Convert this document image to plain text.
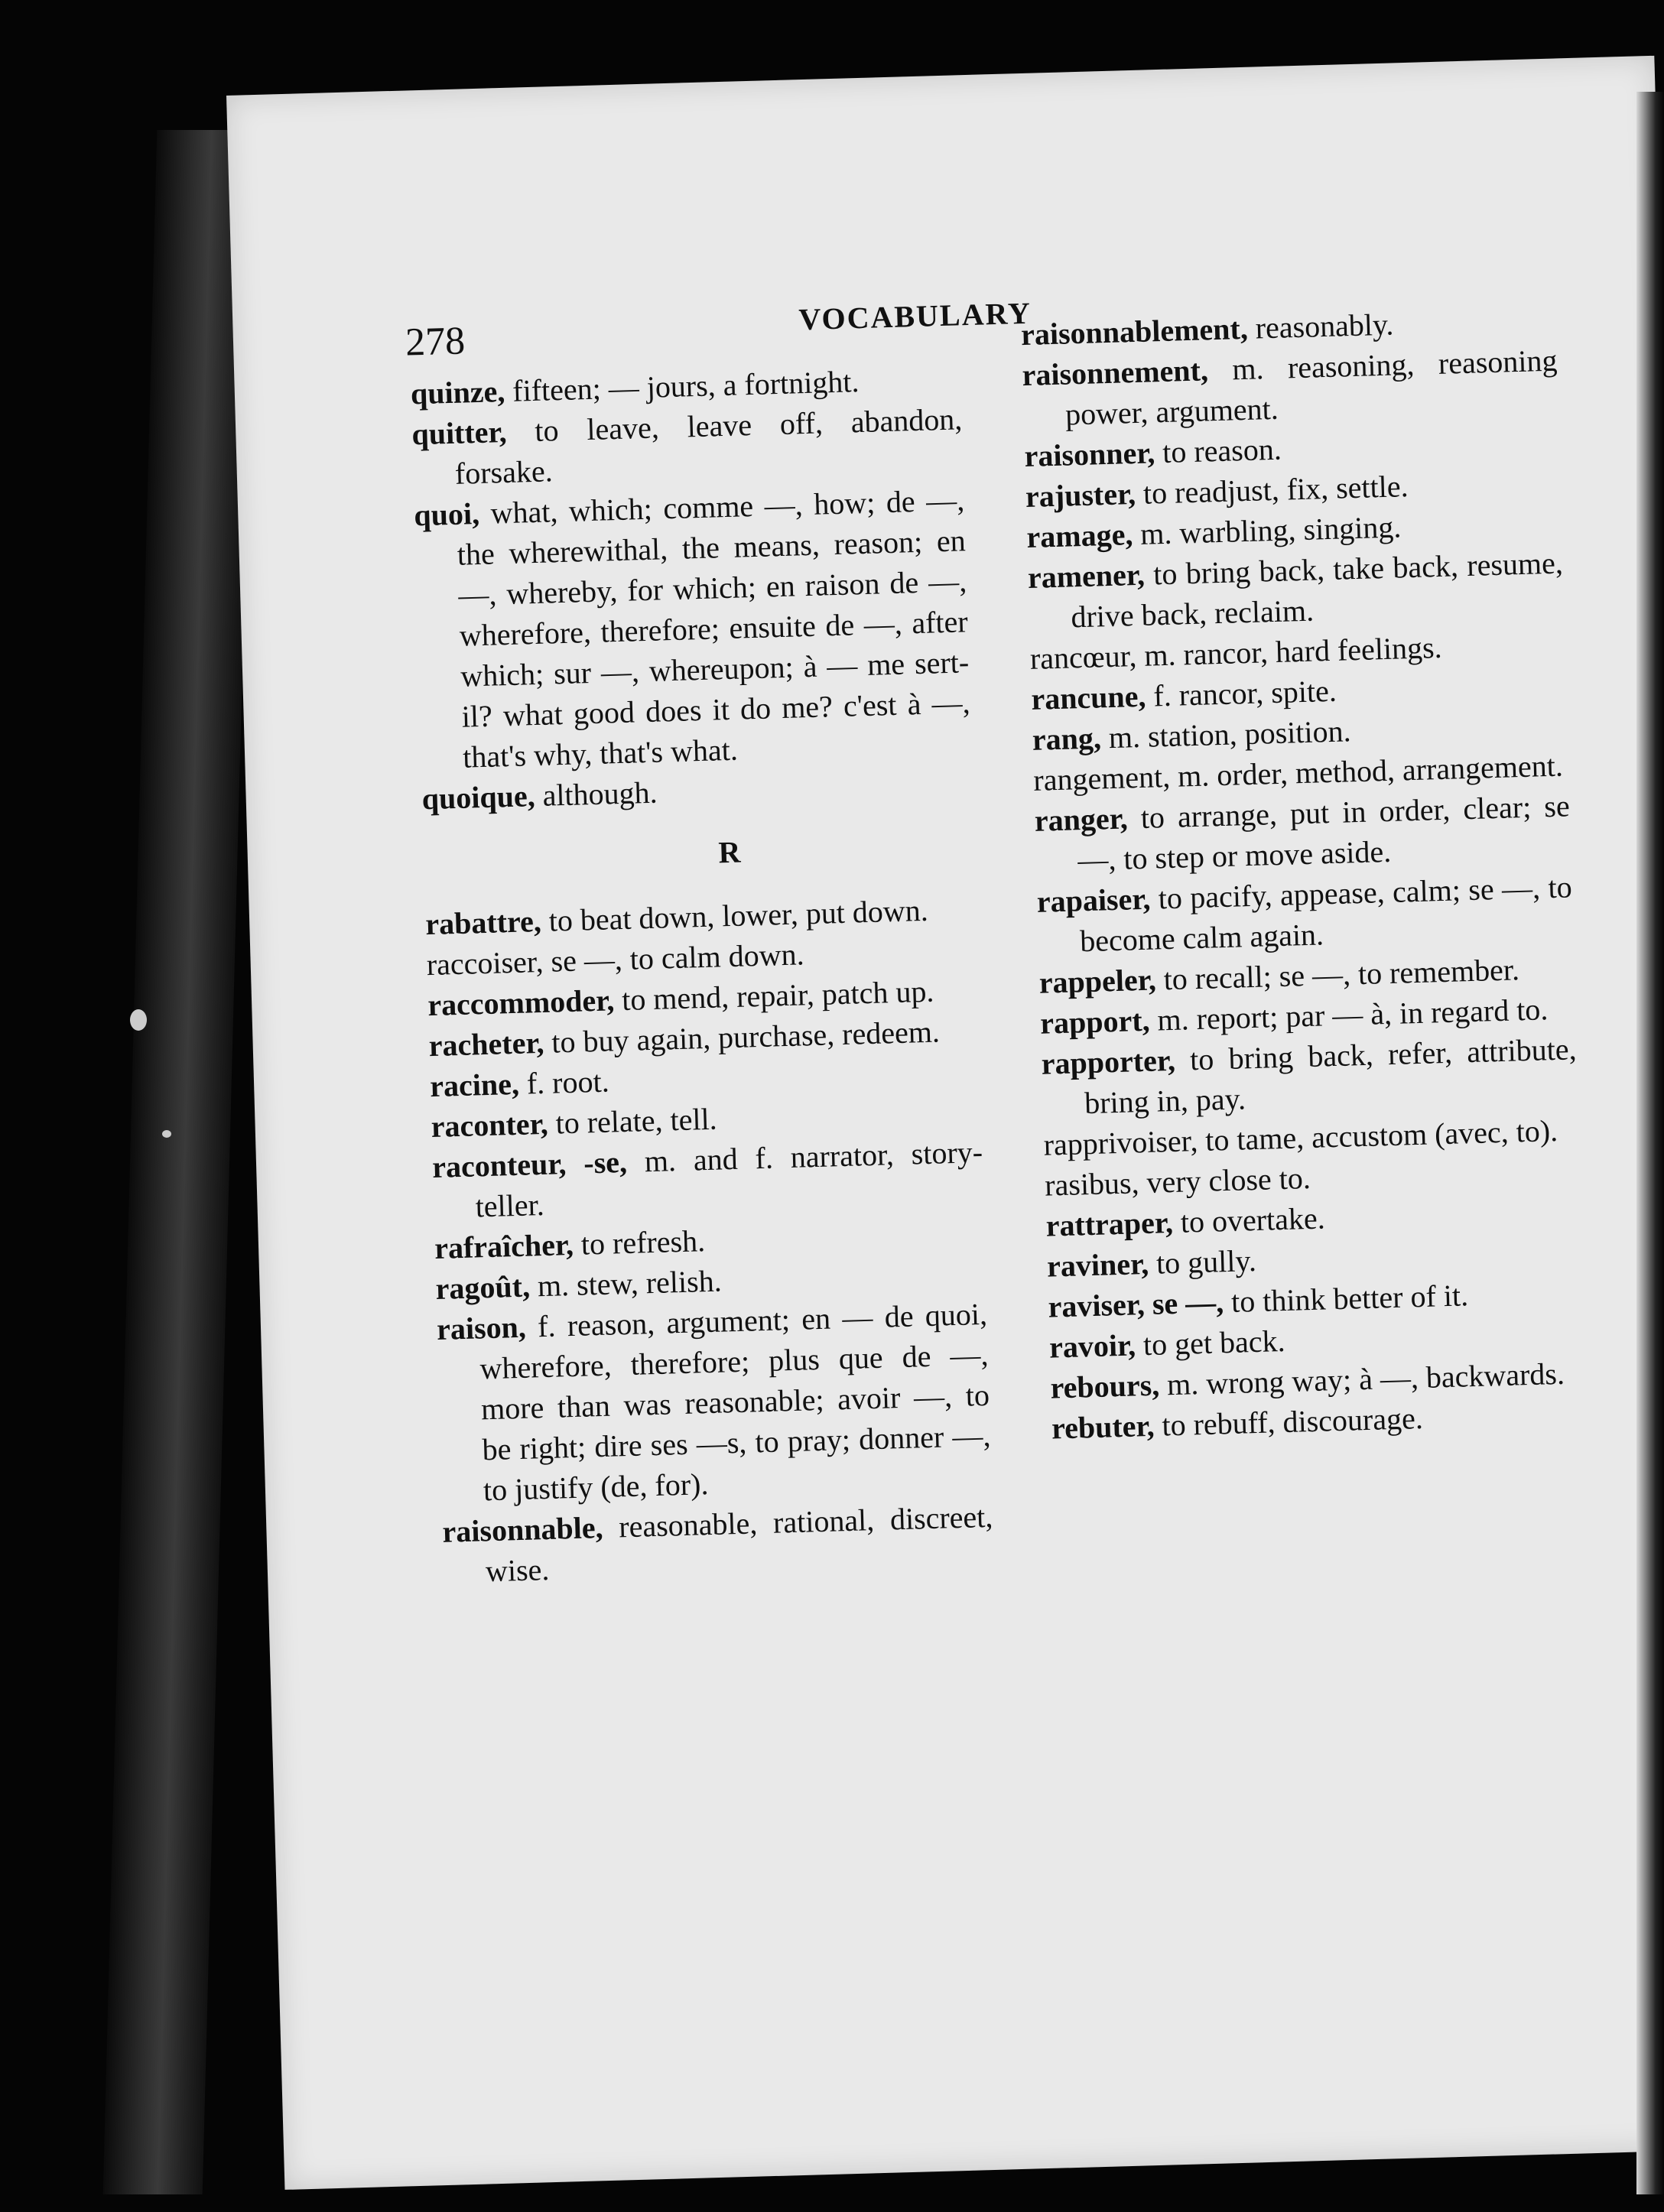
278
VOCABULARY

quinze, fifteen; — jours, a fortnight.

quitter, to leave, leave off, abandon, forsake.

quoi, what, which; comme —, how; de —, the wherewithal, the means, reason; en —, whereby, for which; en raison de —, wherefore, therefore; ensuite de —, after which; sur —, whereupon; à — me sert-il? what good does it do me? c'est à —, that's why, that's what.

quoique, although.

R

rabattre, to beat down, lower, put down.

raccoiser, se —, to calm down.

raccommoder, to mend, repair, patch up.

racheter, to buy again, purchase, redeem.

racine, f. root.

raconter, to relate, tell.

raconteur, -se, m. and f. narrator, story-teller.

rafraîcher, to refresh.

ragoût, m. stew, relish.

raison, f. reason, argument; en — de quoi, wherefore, therefore; plus que de —, more than was reasonable; avoir —, to be right; dire ses —s, to pray; donner —, to justify (de, for).

raisonnable, reasonable, rational, discreet, wise.

raisonnablement, reasonably.

raisonnement, m. reasoning, reasoning power, argument.

raisonner, to reason.

rajuster, to readjust, fix, settle.

ramage, m. warbling, singing.

ramener, to bring back, take back, resume, drive back, reclaim.

rancœur, m. rancor, hard feelings.

rancune, f. rancor, spite.

rang, m. station, position.

rangement, m. order, method, arrangement.

ranger, to arrange, put in order, clear; se —, to step or move aside.

rapaiser, to pacify, appease, calm; se —, to become calm again.

rappeler, to recall; se —, to remember.

rapport, m. report; par — à, in regard to.

rapporter, to bring back, refer, attribute, bring in, pay.

rapprivoiser, to tame, accustom (avec, to).

rasibus, very close to.

rattraper, to overtake.

raviner, to gully.

raviser, se —, to think better of it.

ravoir, to get back.

rebours, m. wrong way; à —, backwards.

rebuter, to rebuff, discourage.
